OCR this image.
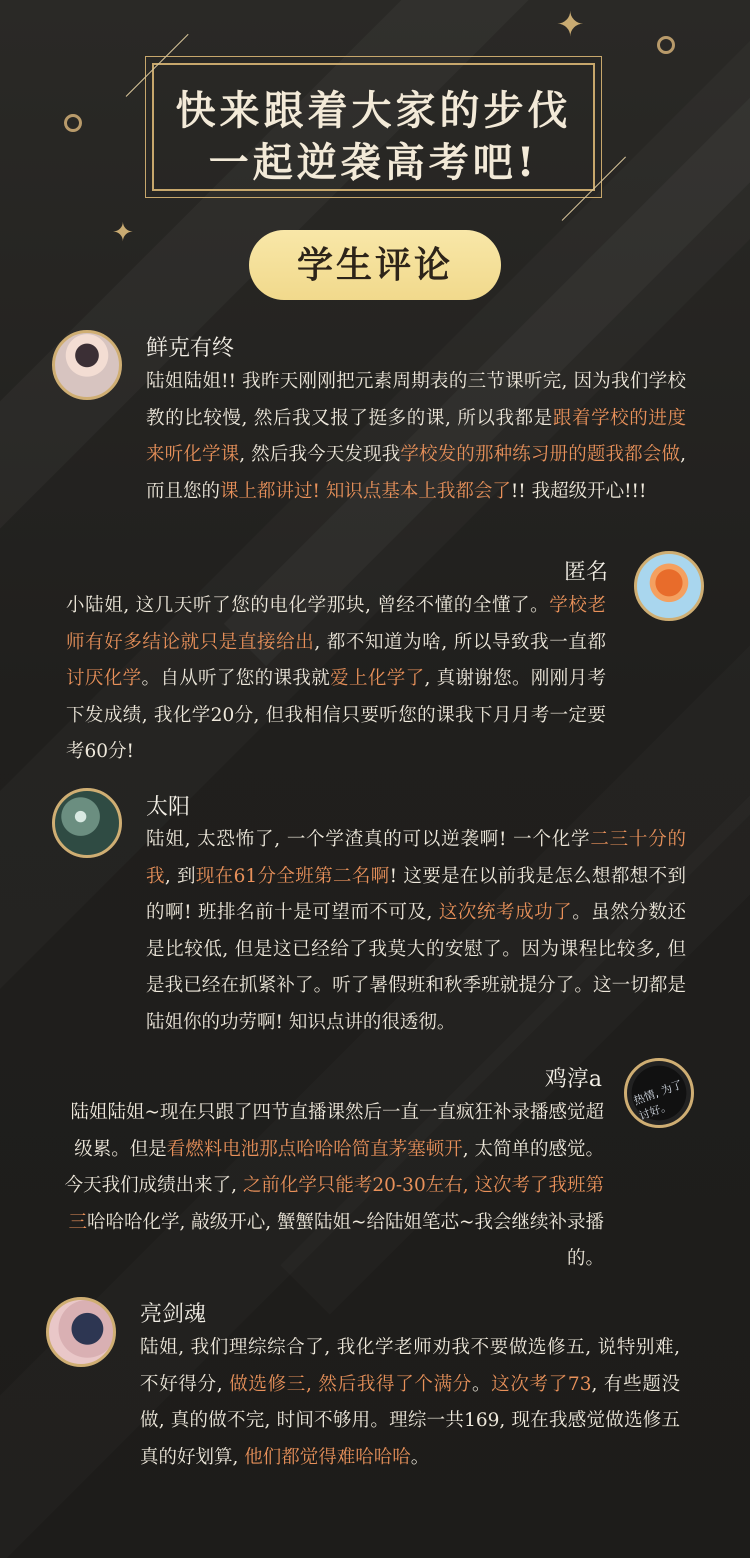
✦
✦
快来跟着大家的步伐
一起逆袭高考吧!
学生评论
鲜克有终
陆姐陆姐!! 我昨天刚刚把元素周期表的三节课听完, 因为我们学校教的比较慢, 然后我又报了挺多的课, 所以我都是跟着学校的进度来听化学课, 然后我今天发现我学校发的那种练习册的题我都会做, 而且您的课上都讲过! 知识点基本上我都会了!! 我超级开心!!!
匿名
小陆姐, 这几天听了您的电化学那块, 曾经不懂的全懂了。学校老师有好多结论就只是直接给出, 都不知道为啥, 所以导致我一直都讨厌化学。自从听了您的课我就爱上化学了, 真谢谢您。刚刚月考下发成绩, 我化学20分, 但我相信只要听您的课我下月月考一定要考60分!
太阳
陆姐, 太恐怖了, 一个学渣真的可以逆袭啊! 一个化学二三十分的我, 到现在61分全班第二名啊! 这要是在以前我是怎么想都想不到的啊! 班排名前十是可望而不可及, 这次统考成功了。虽然分数还是比较低, 但是这已经给了我莫大的安慰了。因为课程比较多, 但是我已经在抓紧补了。听了暑假班和秋季班就提分了。这一切都是陆姐你的功劳啊! 知识点讲的很透彻。
热情, 为了讨好。
鸡淳a
陆姐陆姐~现在只跟了四节直播课然后一直一直疯狂补录播感觉超级累。但是看燃料电池那点哈哈哈简直茅塞顿开, 太简单的感觉。今天我们成绩出来了, 之前化学只能考20-30左右, 这次考了我班第三哈哈哈化学, 敲级开心, 蟹蟹陆姐~给陆姐笔芯~我会继续补录播的。
亮剑魂
陆姐, 我们理综综合了, 我化学老师劝我不要做选修五, 说特别难, 不好得分, 做选修三, 然后我得了个满分。这次考了73, 有些题没做, 真的做不完, 时间不够用。理综一共169, 现在我感觉做选修五真的好划算, 他们都觉得难哈哈哈。
